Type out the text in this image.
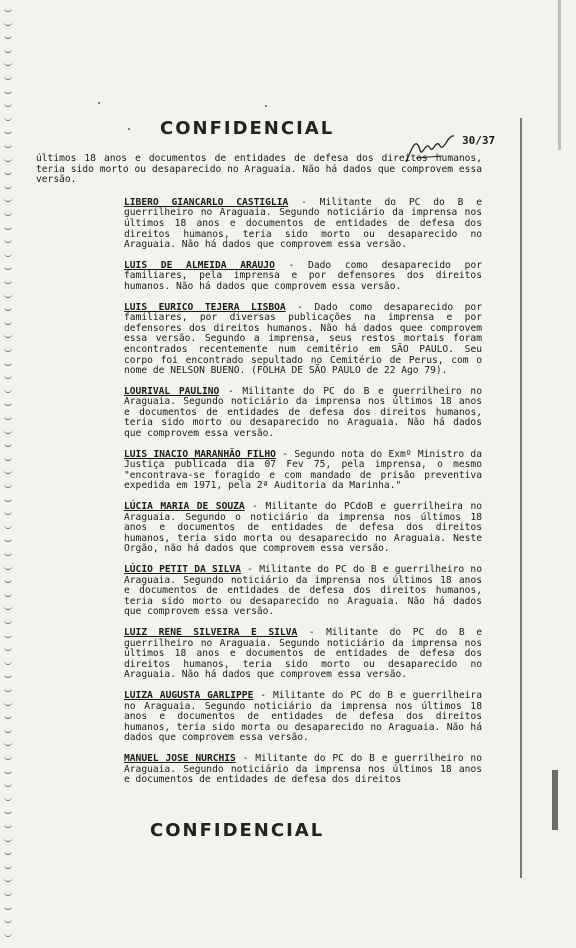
CONFIDENCIAL
30/37

últimos 18 anos e documentos de entidades de defesa dos direitos humanos, teria sido morto ou desaparecido no Araguaia. Não há dados que comprovem essa versão.

LIBERO GIANCARLO CASTIGLIA - Militante do PC do B e guerrilheiro no Araguaia. Segundo noticiário da imprensa nos últimos 18 anos e documentos de entidades de defesa dos direitos humanos, teria sido morto ou desaparecido no Araguaia. Não há dados que comprovem essa versão.

LUIS DE ALMEIDA ARAUJO - Dado como desaparecido por familiares, pela imprensa e por defensores dos direitos humanos. Não há dados que comprovem essa versão.

LUIS EURICO TEJERA LISBOA - Dado como desaparecido por familiares, por diversas publicações na imprensa e por defensores dos direitos humanos. Não há dados quee comprovem essa versão. Segundo a imprensa, seus restos mortais foram encontrados recentemente num cemitério em SÃO PAULO. Seu corpo foi encontrado sepultado no Cemitério de Perus, com o nome de NELSON BUENO. (FOLHA DE SÃO PAULO de 22 Ago 79).

LOURIVAL PAULINO - Militante do PC do B e guerrilheiro no Araguaia. Segundo noticiário da imprensa nos últimos 18 anos e documentos de entidades de defesa dos direitos humanos, teria sido morto ou desaparecido no Araguaia. Não há dados que comprovem essa versão.

LUIS INACIO MARANHÃO FILHO - Segundo nota do Exmº Ministro da Justiça publicada dia 07 Fev 75, pela imprensa, o mesmo "encontrava-se foragido e com mandado de prisão preventiva expedida em 1971, pela 2ª Auditoria da Marinha."

LÚCIA MARIA DE SOUZA - Militante do PCdoB e guerrilheira no Araguaia. Segundo o noticiário da imprensa nos últimos 18 anos e documentos de entidades de defesa dos direitos humanos, teria sido morta ou desaparecido no Araguaia. Neste Orgão, não há dados que comprovem essa versão.

LÚCIO PETIT DA SILVA - Militante do PC do B e guerrilheiro no Araguaia. Segundo noticiário da imprensa nos últimos 18 anos e documentos de entidades de defesa dos direitos humanos, teria sido morto ou desaparecido no Araguaia. Não há dados que comprovem essa versão.

LUIZ RENE SILVEIRA E SILVA - Militante do PC do B e guerrilheiro no Araguaia. Segundo noticiário da imprensa nos últimos 18 anos e documentos de entidades de defesa dos direitos humanos, teria sido morto ou desaparecido no Araguaia. Não há dados que comprovem essa versão.

LUIZA AUGUSTA GARLIPPE - Militante do PC do B e guerrilheira no Araguaia. Segundo noticiário da imprensa nos últimos 18 anos e documentos de entidades de defesa dos direitos humanos, teria sido morta ou desaparecido no Araguaia. Não há dados que comprovem essa versão.

MANUEL JOSE NURCHIS - Militante do PC do B e guerrilheiro no Araguaia. Segundo noticiário da imprensa nos últimos 18 anos e documentos de entidades de defesa dos direitos

CONFIDENCIAL
